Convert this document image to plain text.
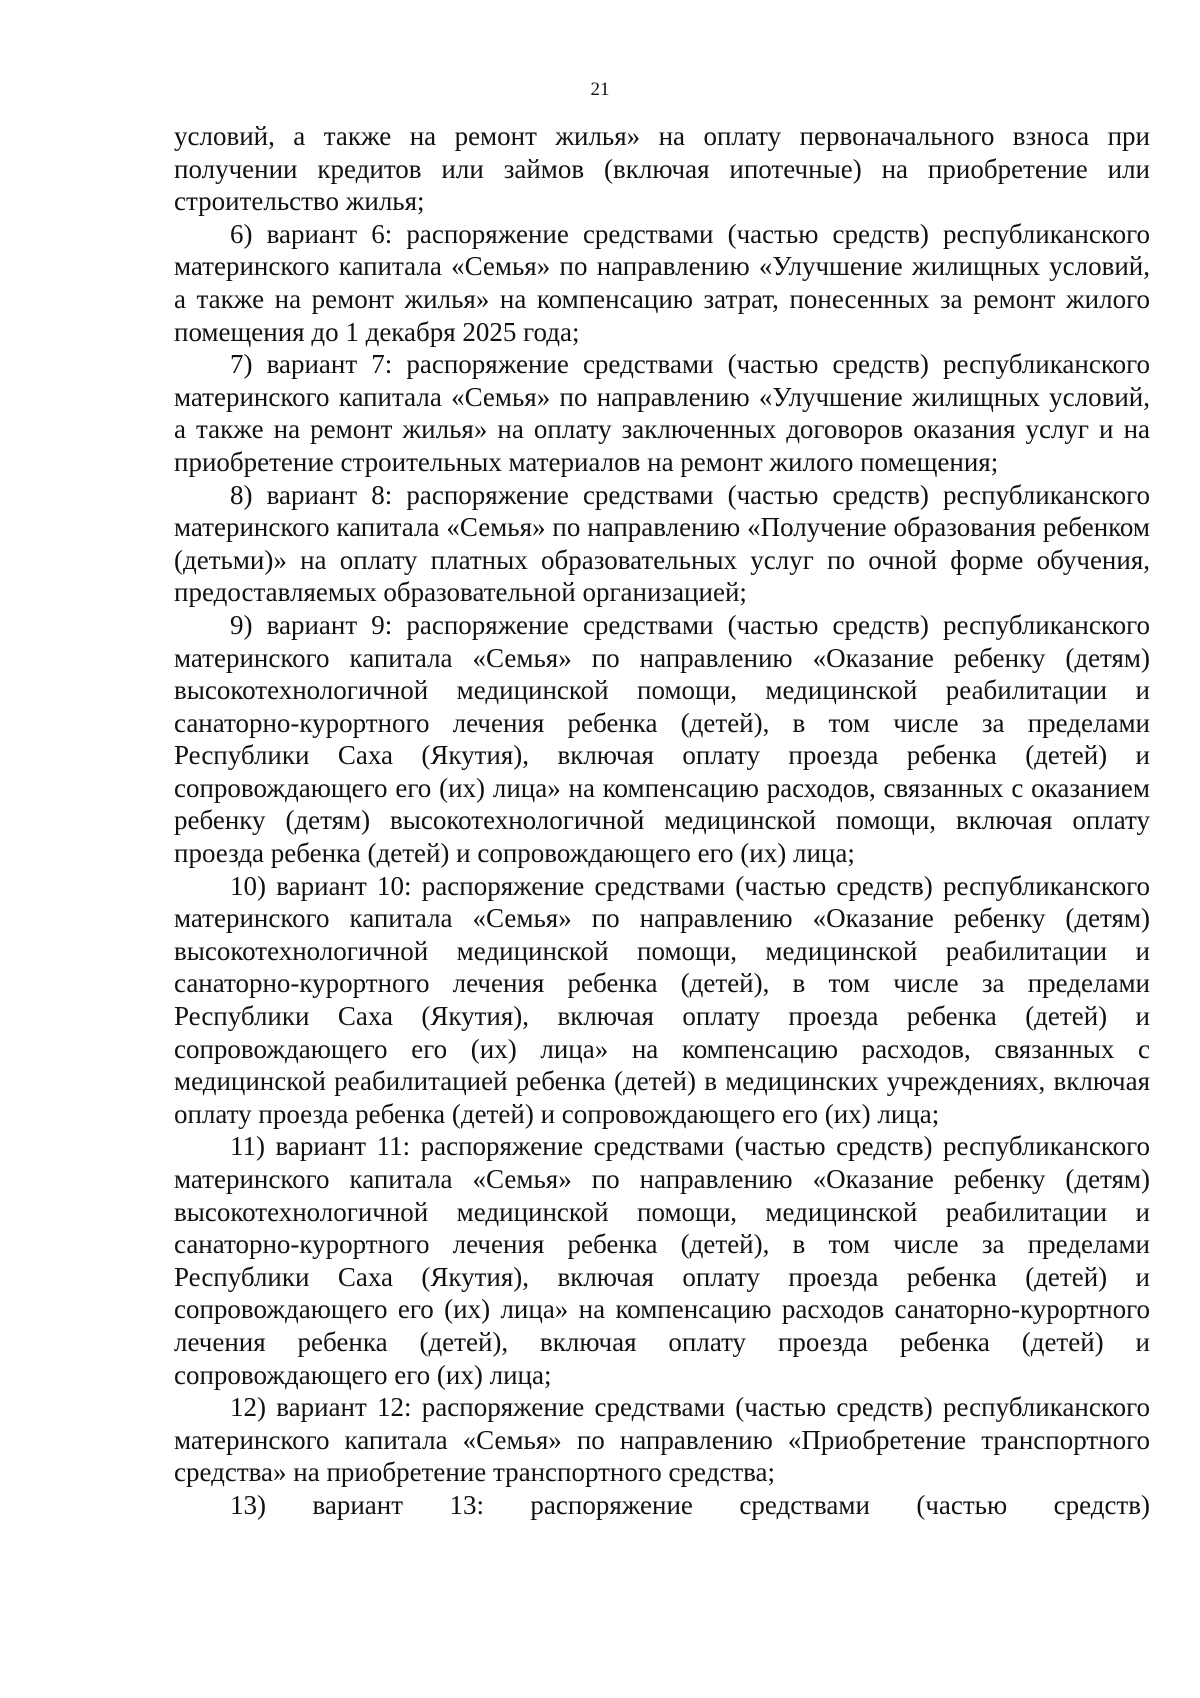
21

условий, а также на ремонт жилья» на оплату первоначального взноса при получении кредитов или займов (включая ипотечные) на приобретение или строительство жилья;

6) вариант 6: распоряжение средствами (частью средств) республиканского материнского капитала «Семья» по направлению «Улучшение жилищных условий, а также на ремонт жилья» на компенсацию затрат, понесенных за ремонт жилого помещения до 1 декабря 2025 года;

7) вариант 7: распоряжение средствами (частью средств) республиканского материнского капитала «Семья» по направлению «Улучшение жилищных условий, а также на ремонт жилья» на оплату заключенных договоров оказания услуг и на приобретение строительных материалов на ремонт жилого помещения;

8) вариант 8: распоряжение средствами (частью средств) республиканского материнского капитала «Семья» по направлению «Получение образования ребенком (детьми)» на оплату платных образовательных услуг по очной форме обучения, предоставляемых образовательной организацией;

9) вариант 9: распоряжение средствами (частью средств) республиканского материнского капитала «Семья» по направлению «Оказание ребенку (детям) высокотехнологичной медицинской помощи, медицинской реабилитации и санаторно-курортного лечения ребенка (детей), в том числе за пределами Республики Саха (Якутия), включая оплату проезда ребенка (детей) и сопровождающего его (их) лица» на компенсацию расходов, связанных с оказанием ребенку (детям) высокотехнологичной медицинской помощи, включая оплату проезда ребенка (детей) и сопровождающего его (их) лица;

10) вариант 10: распоряжение средствами (частью средств) республиканского материнского капитала «Семья» по направлению «Оказание ребенку (детям) высокотехнологичной медицинской помощи, медицинской реабилитации и санаторно-курортного лечения ребенка (детей), в том числе за пределами Республики Саха (Якутия), включая оплату проезда ребенка (детей) и сопровождающего его (их) лица» на компенсацию расходов, связанных с медицинской реабилитацией ребенка (детей) в медицинских учреждениях, включая оплату проезда ребенка (детей) и сопровождающего его (их) лица;

11) вариант 11: распоряжение средствами (частью средств) республиканского материнского капитала «Семья» по направлению «Оказание ребенку (детям) высокотехнологичной медицинской помощи, медицинской реабилитации и санаторно-курортного лечения ребенка (детей), в том числе за пределами Республики Саха (Якутия), включая оплату проезда ребенка (детей) и сопровождающего его (их) лица» на компенсацию расходов санаторно-курортного лечения ребенка (детей), включая оплату проезда ребенка (детей) и сопровождающего его (их) лица;

12) вариант 12: распоряжение средствами (частью средств) республиканского материнского капитала «Семья» по направлению «Приобретение транспортного средства» на приобретение транспортного средства;

13) вариант 13: распоряжение средствами (частью средств)
